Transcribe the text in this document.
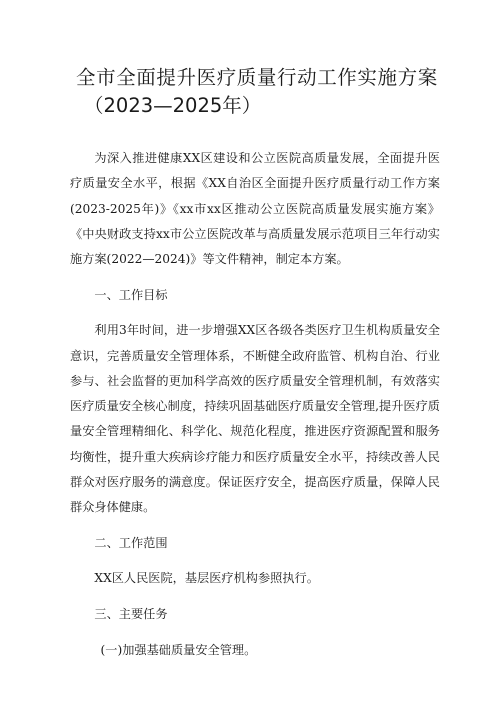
全市全面提升医疗质量行动工作实施方案
（2023—2025年）

为深入推进健康XX区建设和公立医院高质量发展，全面提升医疗质量安全水平，根据《XX自治区全面提升医疗质量行动工作方案(2023-2025年)》《xx市xx区推动公立医院高质量发展实施方案》《中央财政支持xx市公立医院改革与高质量发展示范项目三年行动实施方案(2022—2024)》等文件精神，制定本方案。

一、工作目标

利用3年时间，进一步增强XX区各级各类医疗卫生机构质量安全意识，完善质量安全管理体系，不断健全政府监管、机构自治、行业参与、社会监督的更加科学高效的医疗质量安全管理机制，有效落实医疗质量安全核心制度，持续巩固基础医疗质量安全管理,提升医疗质量安全管理精细化、科学化、规范化程度，推进医疗资源配置和服务均衡性，提升重大疾病诊疗能力和医疗质量安全水平，持续改善人民群众对医疗服务的满意度。保证医疗安全，提高医疗质量，保障人民群众身体健康。

二、工作范围

XX区人民医院，基层医疗机构参照执行。

三、主要任务

(一)加强基础质量安全管理。
